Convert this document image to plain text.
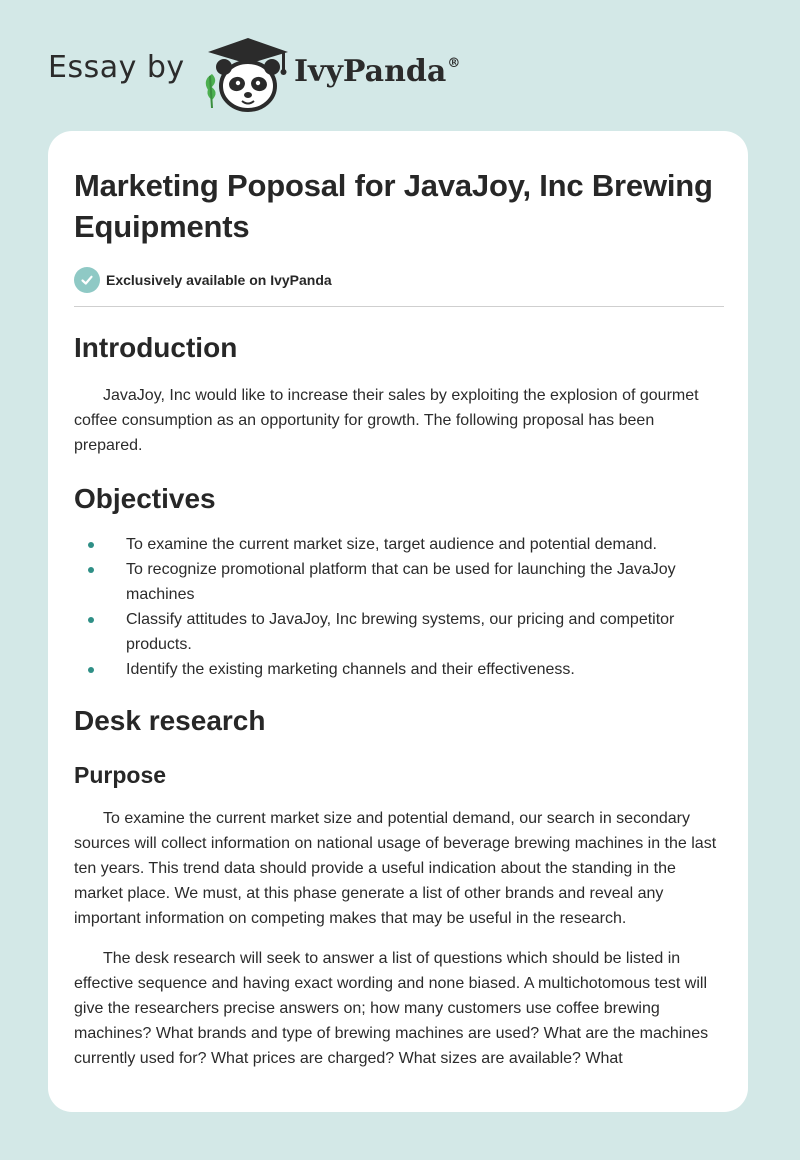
Essay by	IvyPanda®
Marketing Poposal for JavaJoy, Inc Brewing Equipments
Exclusively available on IvyPanda
Introduction

JavaJoy, Inc would like to increase their sales by exploiting the explosion of gourmet coffee consumption as an opportunity for growth. The following proposal has been prepared.

Objectives
To examine the current market size, target audience and potential demand.
To recognize promotional platform that can be used for launching the JavaJoy machines
Classify attitudes to JavaJoy, Inc brewing systems, our pricing and competitor products.
Identify the existing marketing channels and their effectiveness.
Desk research
Purpose

To examine the current market size and potential demand, our search in secondary sources will collect information on national usage of beverage brewing machines in the last ten years. This trend data should provide a useful indication about the standing in the market place. We must, at this phase generate a list of other brands and reveal any important information on competing makes that may be useful in the research.

The desk research will seek to answer a list of questions which should be listed in effective sequence and having exact wording and none biased. A multichotomous test will give the researchers precise answers on; how many customers use coffee brewing machines? What brands and type of brewing machines are used? What are the machines currently used for? What prices are charged? What sizes are available? What
